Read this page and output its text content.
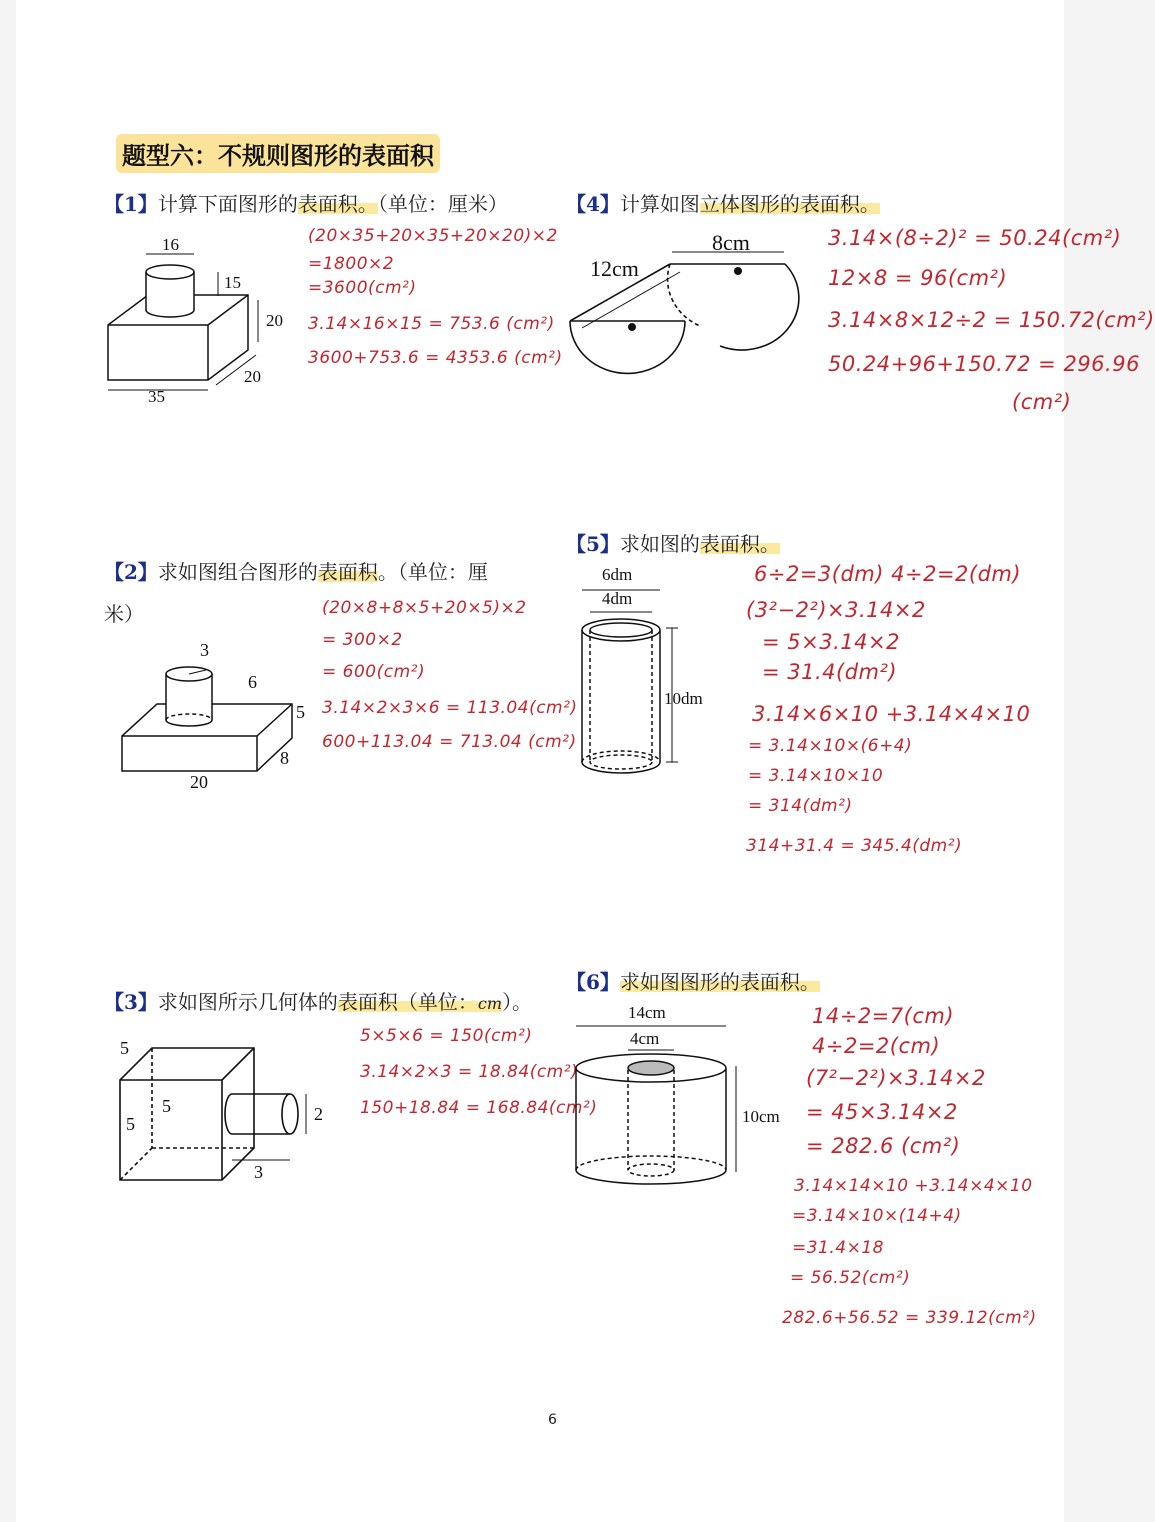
题型六：不规则图形的表面积
【1】计算下面图形的表面积。（单位：厘米）
16
15
20
35
20
(20×35+20×35+20×20)×2
=1800×2
=3600(cm²)
3.14×16×15 = 753.6 (cm²)
3600+753.6 = 4353.6 (cm²)
【4】计算如图立体图形的表面积。
8cm
12cm
3.14×(8÷2)² = 50.24(cm²)
12×8 = 96(cm²)
3.14×8×12÷2 = 150.72(cm²)
50.24+96+150.72 = 296.96
(cm²)
【2】求如图组合图形的表面积。（单位：厘
米）
3
6
5
8
20
(20×8+8×5+20×5)×2
= 300×2
= 600(cm²)
3.14×2×3×6 = 113.04(cm²)
600+113.04 = 713.04 (cm²)
【5】求如图的表面积。
6dm
4dm
10dm
6÷2=3(dm) 4÷2=2(dm)
(3²−2²)×3.14×2
= 5×3.14×2
= 31.4(dm²)
3.14×6×10 +3.14×4×10
= 3.14×10×(6+4)
= 3.14×10×10
= 314(dm²)
314+31.4 = 345.4(dm²)
【3】求如图所示几何体的表面积（单位：cm）。
5
5
5	2
3
5×5×6 = 150(cm²)
3.14×2×3 = 18.84(cm²)
150+18.84 = 168.84(cm²)
【6】求如图图形的表面积。
14cm
4cm
10cm
14÷2=7(cm)
4÷2=2(cm)
(7²−2²)×3.14×2
= 45×3.14×2
= 282.6 (cm²)
3.14×14×10 +3.14×4×10
=3.14×10×(14+4)
=31.4×18
= 56.52(cm²)
282.6+56.52 = 339.12(cm²)
6
